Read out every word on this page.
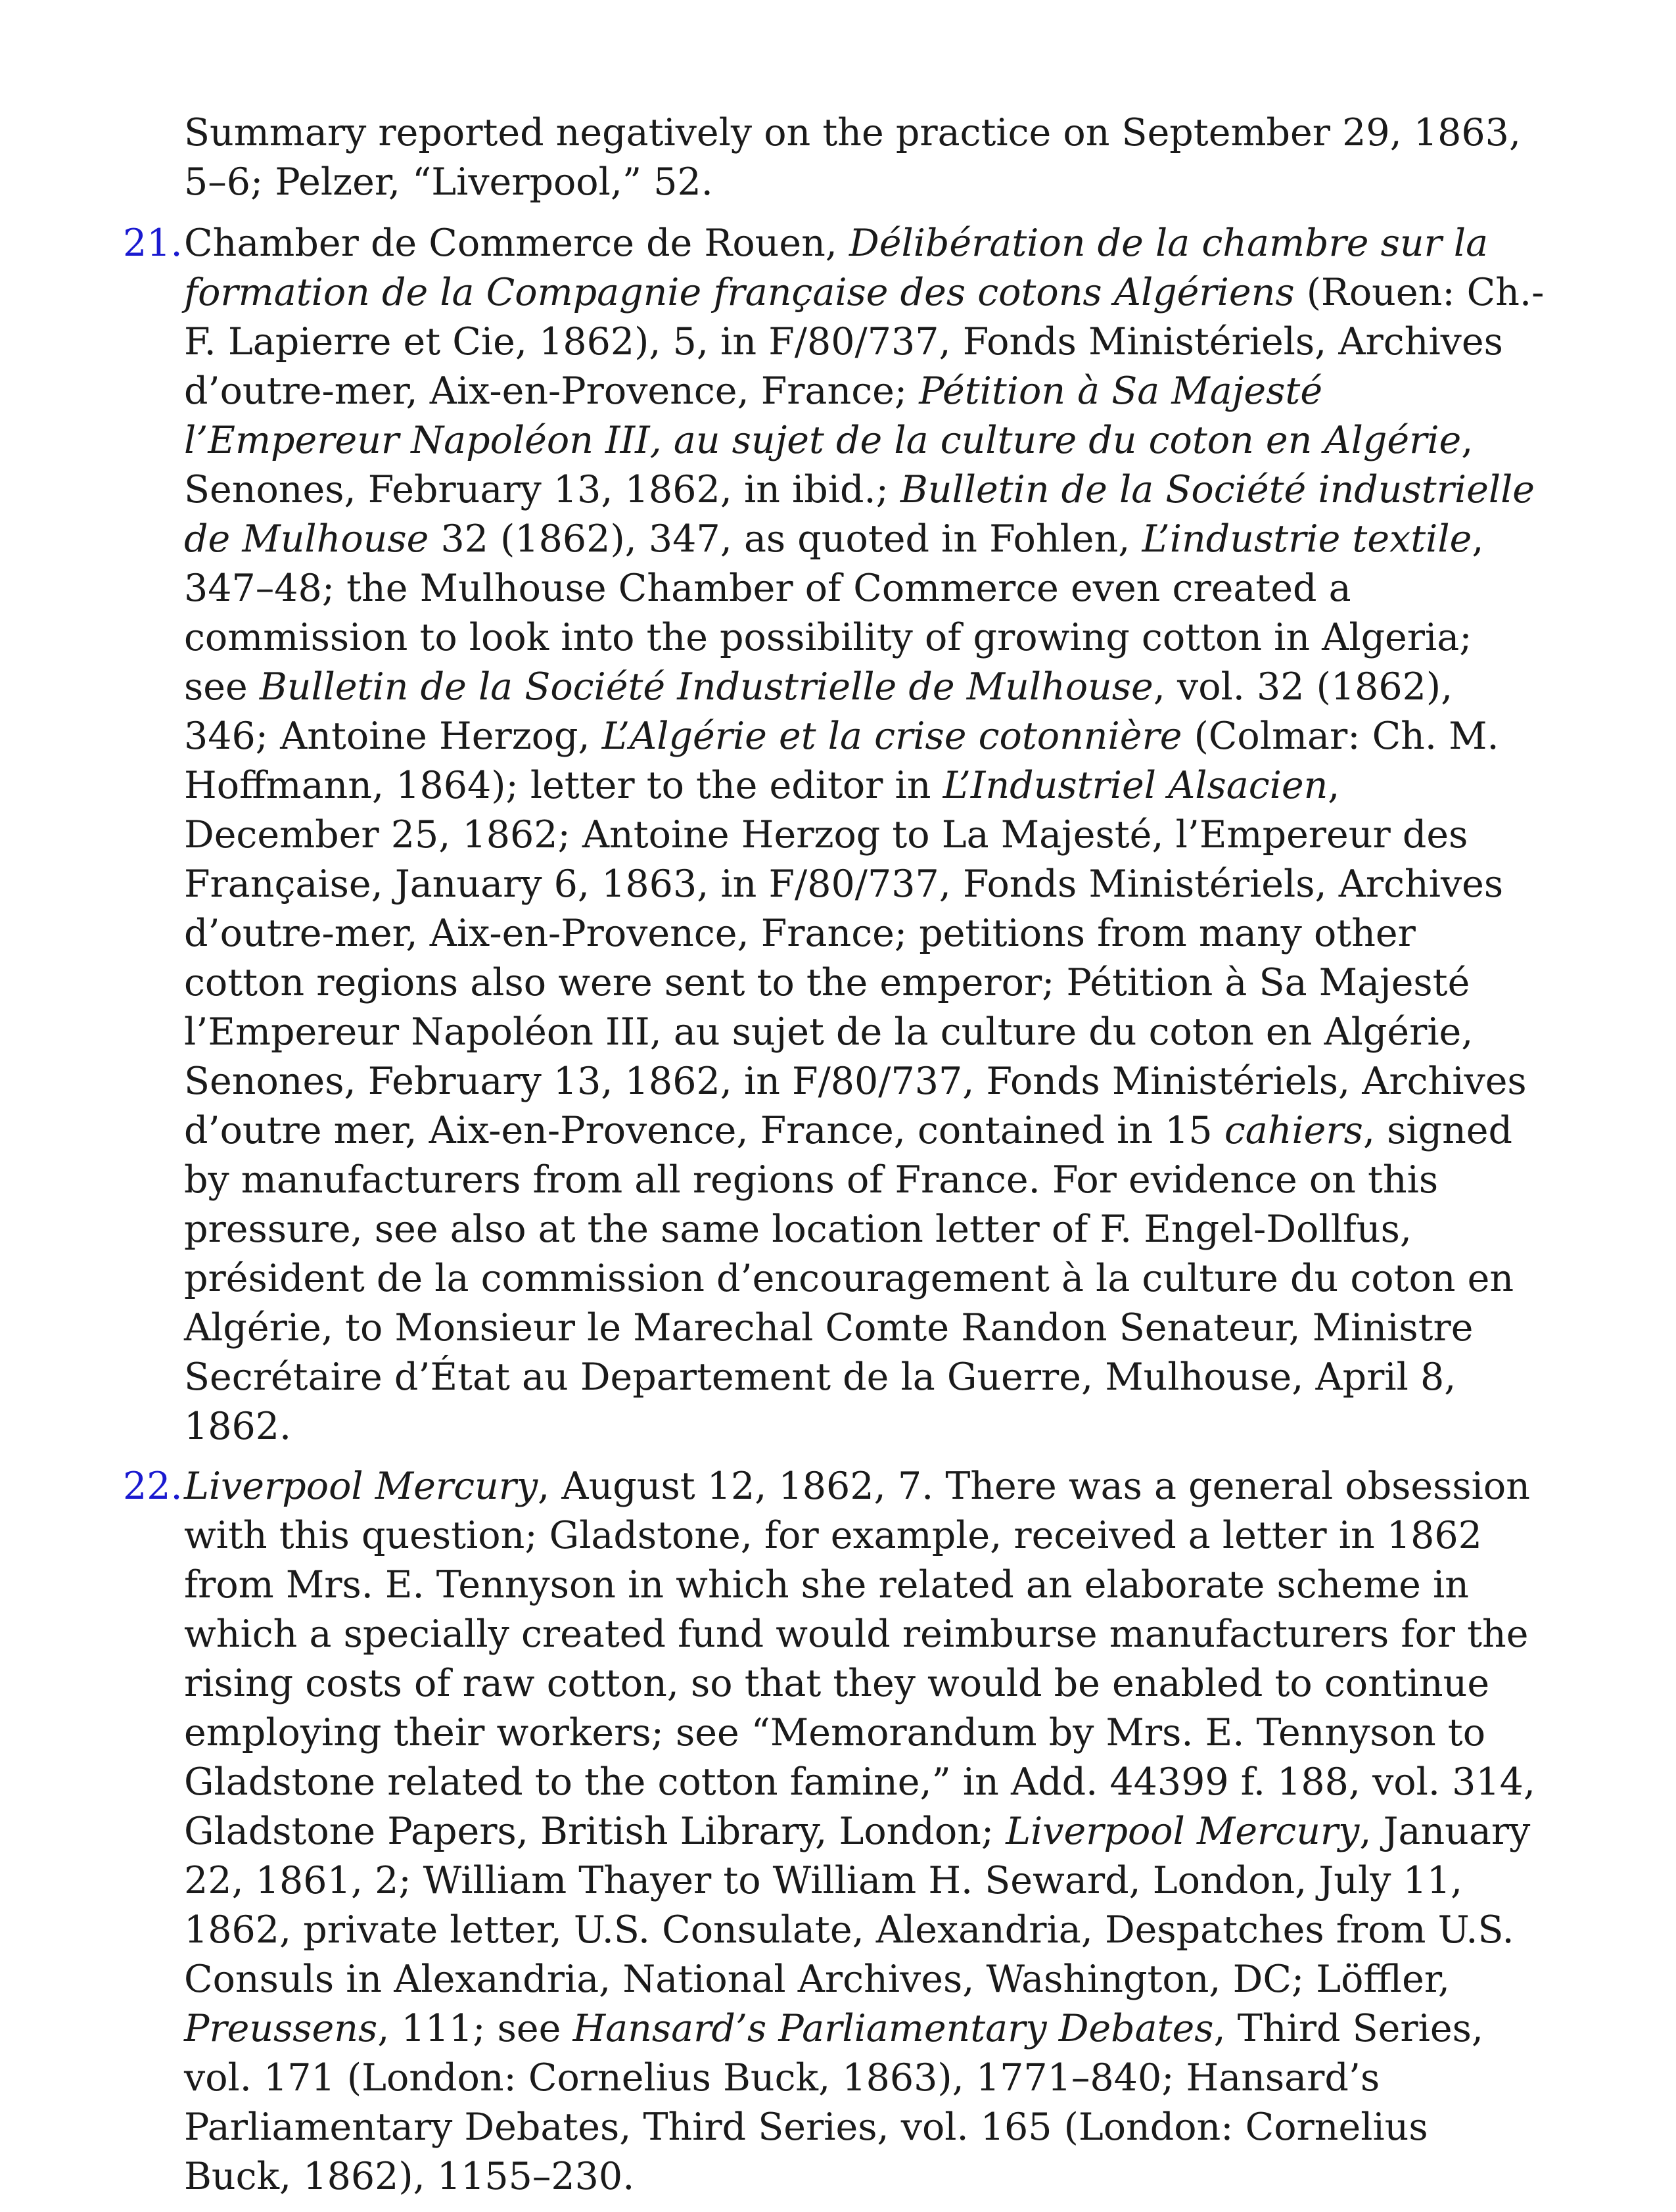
Summary reported negatively on the practice on September 29, 1863, 5–6; Pelzer, “Liverpool,” 52.
21. Chamber de Commerce de Rouen, Délibération de la chambre sur la formation de la Compagnie française des cotons Algériens (Rouen: Ch.-F. Lapierre et Cie, 1862), 5, in F/80/737, Fonds Ministériels, Archives d’outre-mer, Aix-en-Provence, France; Pétition à Sa Majesté l’Empereur Napoléon III, au sujet de la culture du coton en Algérie, Senones, February 13, 1862, in ibid.; Bulletin de la Société industrielle de Mulhouse 32 (1862), 347, as quoted in Fohlen, L’industrie textile, 347–48; the Mulhouse Chamber of Commerce even created a commission to look into the possibility of growing cotton in Algeria; see Bulletin de la Société Industrielle de Mulhouse, vol. 32 (1862), 346; Antoine Herzog, L’Algérie et la crise cotonnière (Colmar: Ch. M. Hoffmann, 1864); letter to the editor in L’Industriel Alsacien, December 25, 1862; Antoine Herzog to La Majesté, l’Empereur des Française, January 6, 1863, in F/80/737, Fonds Ministériels, Archives d’outre-mer, Aix-en-Provence, France; petitions from many other cotton regions also were sent to the emperor; Pétition à Sa Majesté l’Empereur Napoléon III, au sujet de la culture du coton en Algérie, Senones, February 13, 1862, in F/80/737, Fonds Ministériels, Archives d’outre mer, Aix-en-Provence, France, contained in 15 cahiers, signed by manufacturers from all regions of France. For evidence on this pressure, see also at the same location letter of F. Engel-Dollfus, président de la commission d’encouragement à la culture du coton en Algérie, to Monsieur le Marechal Comte Randon Senateur, Ministre Secrétaire d’État au Departement de la Guerre, Mulhouse, April 8, 1862.
22. Liverpool Mercury, August 12, 1862, 7. There was a general obsession with this question; Gladstone, for example, received a letter in 1862 from Mrs. E. Tennyson in which she related an elaborate scheme in which a specially created fund would reimburse manufacturers for the rising costs of raw cotton, so that they would be enabled to continue employing their workers; see “Memorandum by Mrs. E. Tennyson to Gladstone related to the cotton famine,” in Add. 44399 f. 188, vol. 314, Gladstone Papers, British Library, London; Liverpool Mercury, January 22, 1861, 2; William Thayer to William H. Seward, London, July 11, 1862, private letter, U.S. Consulate, Alexandria, Despatches from U.S. Consuls in Alexandria, National Archives, Washington, DC; Löffler, Preussens, 111; see Hansard’s Parliamentary Debates, Third Series, vol. 171 (London: Cornelius Buck, 1863), 1771–840; Hansard’s Parliamentary Debates, Third Series, vol. 165 (London: Cornelius Buck, 1862), 1155–230.
